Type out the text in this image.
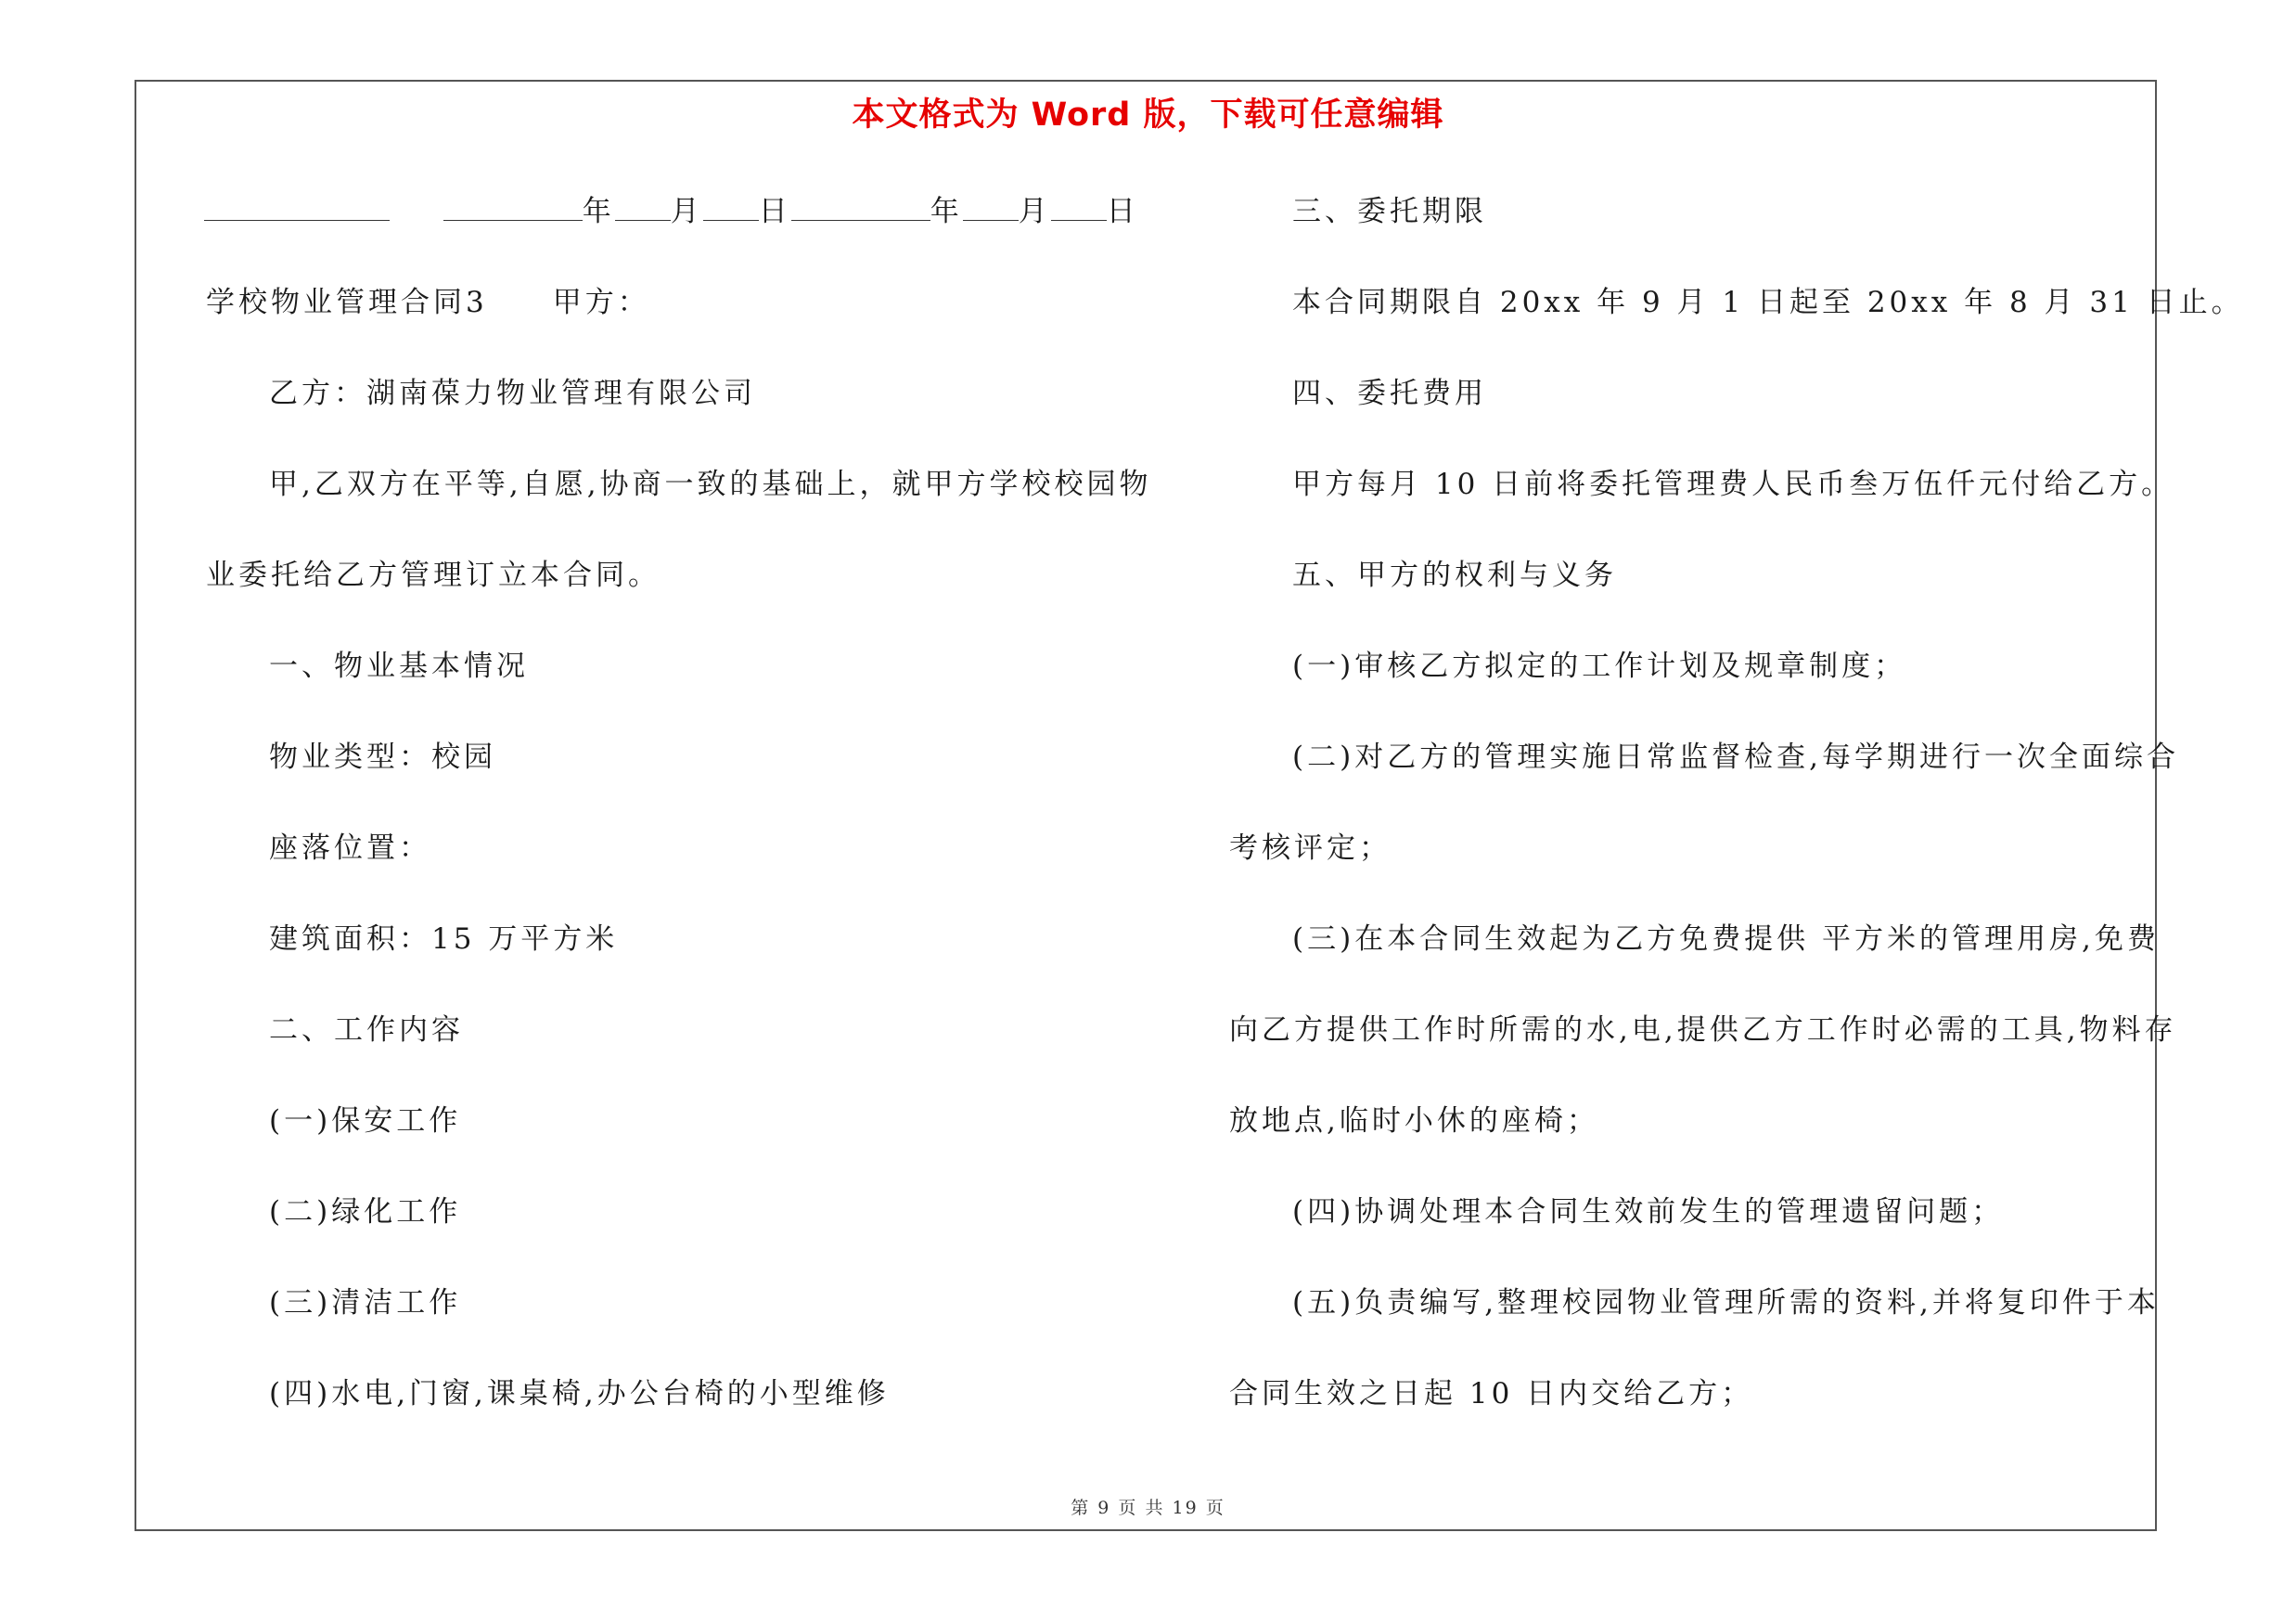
本文格式为 Word 版，下载可任意编辑
年 月 日	年 月 日
学校物业管理合同3　　甲方：
乙方：湖南葆力物业管理有限公司
甲,乙双方在平等,自愿,协商一致的基础上，就甲方学校校园物
业委托给乙方管理订立本合同。
一、物业基本情况
物业类型：校园
座落位置：
建筑面积：15 万平方米
二、工作内容
(一)保安工作
(二)绿化工作
(三)清洁工作
(四)水电,门窗,课桌椅,办公台椅的小型维修
三、委托期限
本合同期限自 20xx 年 9 月 1 日起至 20xx 年 8 月 31 日止。
四、委托费用
甲方每月 10 日前将委托管理费人民币叁万伍仟元付给乙方。
五、甲方的权利与义务
(一)审核乙方拟定的工作计划及规章制度；
(二)对乙方的管理实施日常监督检查,每学期进行一次全面综合
考核评定；
(三)在本合同生效起为乙方免费提供 平方米的管理用房,免费
向乙方提供工作时所需的水,电,提供乙方工作时必需的工具,物料存
放地点,临时小休的座椅；
(四)协调处理本合同生效前发生的管理遗留问题；
(五)负责编写,整理校园物业管理所需的资料,并将复印件于本
合同生效之日起 10 日内交给乙方；
第 9 页 共 19 页
